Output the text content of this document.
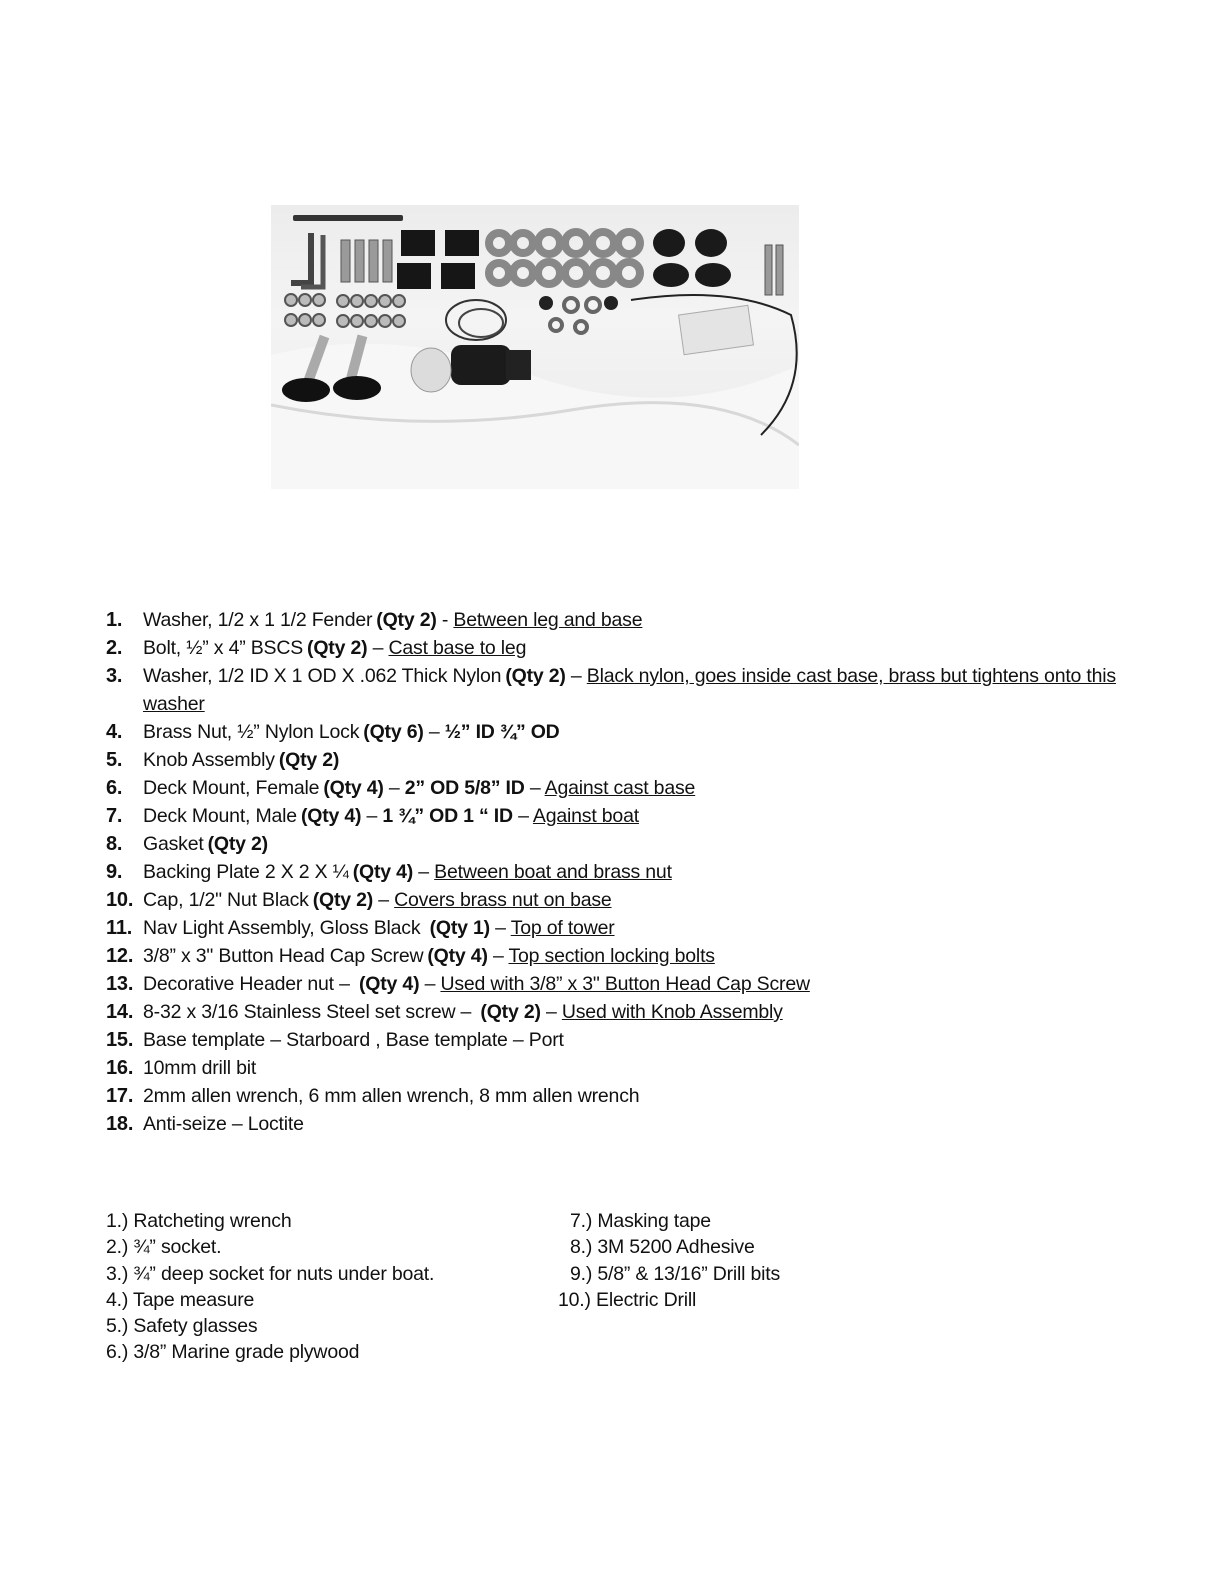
1. Washer, 1/2 x 1 1/2 Fender (Qty 2) - Between leg and base
2. Bolt, ½” x 4” BSCS (Qty 2) – Cast base to leg
3. Washer, 1/2 ID X 1 OD X .062 Thick Nylon (Qty 2) – Black nylon, goes inside cast base, brass but tightens onto this washer
4. Brass Nut, ½” Nylon Lock (Qty 6) – ½” ID ¾” OD
5. Knob Assembly (Qty 2)
6. Deck Mount, Female (Qty 4) – 2” OD 5/8” ID – Against cast base
7. Deck Mount, Male (Qty 4) – 1 ¾” OD 1 “ ID – Against boat
8. Gasket (Qty 2)
9. Backing Plate 2 X 2 X ¼ (Qty 4) – Between boat and brass nut
10. Cap, 1/2" Nut Black (Qty 2) – Covers brass nut on base
11. Nav Light Assembly, Gloss Black (Qty 1) – Top of tower
12. 3/8” x 3" Button Head Cap Screw (Qty 4) – Top section locking bolts
13. Decorative Header nut – (Qty 4) – Used with 3/8” x 3" Button Head Cap Screw
14. 8-32 x 3/16 Stainless Steel set screw – (Qty 2) – Used with Knob Assembly
15. Base template – Starboard , Base template – Port
16. 10mm drill bit
17. 2mm allen wrench, 6 mm allen wrench, 8 mm allen wrench
18. Anti-seize – Loctite
1.) Ratcheting wrench
2.) ¾” socket.
3.) ¾” deep socket for nuts under boat.
4.) Tape measure
5.) Safety glasses
6.) 3/8” Marine grade plywood
7.) Masking tape
8.) 3M 5200 Adhesive
9.) 5/8” & 13/16” Drill bits
10.) Electric Drill
